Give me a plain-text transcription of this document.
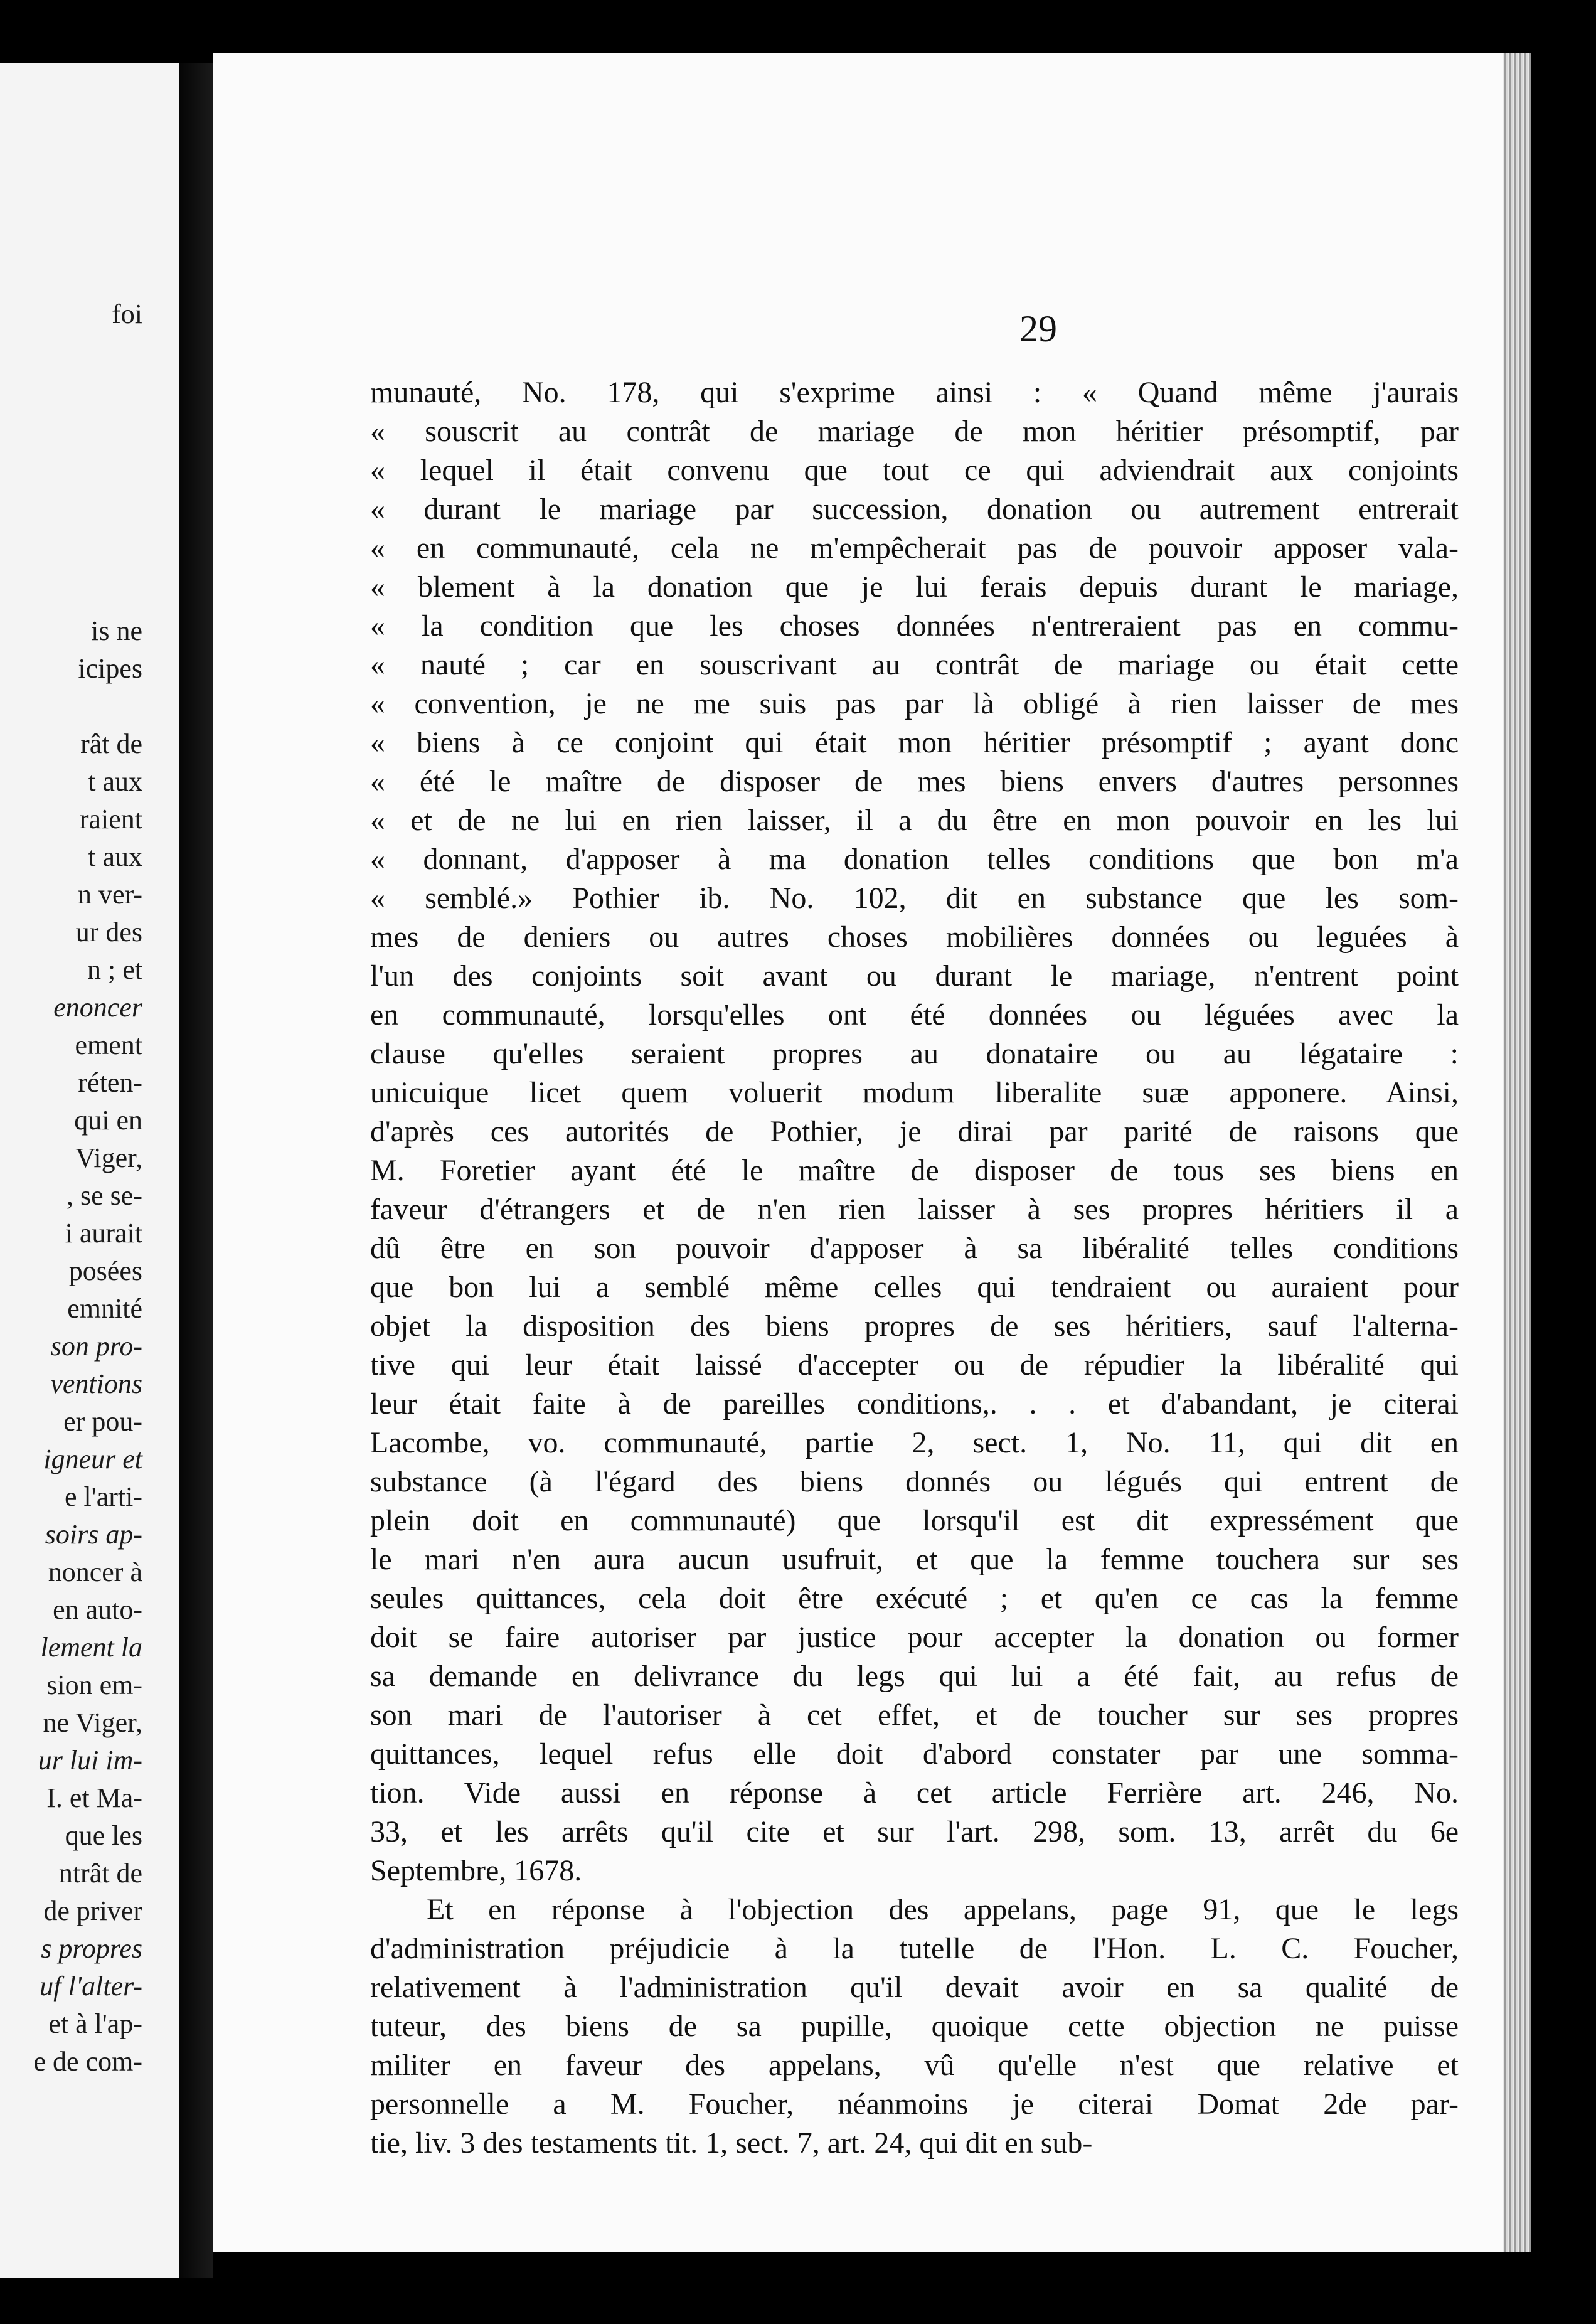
foi
is ne
icipes
rât de
t aux
raient
t aux
n ver-
ur des
n ; et
enoncer
ement
réten-
qui en
Viger,
, se se-
i aurait
posées
emnité
son pro-
ventions
er pou-
igneur et
e l'arti-
soirs ap-
noncer à
en auto-
lement la
sion em-
ne Viger,
ur lui im-
I. et Ma-
que les
ntrât de
de priver
s propres
uf l'alter-
et à l'ap-
e de com-
29
munauté, No. 178, qui s'exprime ainsi : « Quand même j'aurais
« souscrit au contrât de mariage de mon héritier présomptif, par
« lequel il était convenu que tout ce qui adviendrait aux conjoints
« durant le mariage par succession, donation ou autrement entrerait
« en communauté, cela ne m'empêcherait pas de pouvoir apposer vala-
« blement à la donation que je lui ferais depuis durant le mariage,
« la condition que les choses données n'entreraient pas en commu-
« nauté ; car en souscrivant au contrât de mariage ou était cette
« convention, je ne me suis pas par là obligé à rien laisser de mes
« biens à ce conjoint qui était mon héritier présomptif ; ayant donc
« été le maître de disposer de mes biens envers d'autres personnes
« et de ne lui en rien laisser, il a du être en mon pouvoir en les lui
« donnant, d'apposer à ma donation telles conditions que bon m'a
« semblé.» Pothier ib. No. 102, dit en substance que les som-
mes de deniers ou autres choses mobilières données ou leguées à
l'un des conjoints soit avant ou durant le mariage, n'entrent point
en communauté, lorsqu'elles ont été données ou léguées avec la
clause qu'elles seraient propres au donataire ou au légataire :
unicuique licet quem voluerit modum liberalite suæ apponere. Ainsi,
d'après ces autorités de Pothier, je dirai par parité de raisons que
M. Foretier ayant été le maître de disposer de tous ses biens en
faveur d'étrangers et de n'en rien laisser à ses propres héritiers il a
dû être en son pouvoir d'apposer à sa libéralité telles conditions
que bon lui a semblé même celles qui tendraient ou auraient pour
objet la disposition des biens propres de ses héritiers, sauf l'alterna-
tive qui leur était laissé d'accepter ou de répudier la libéralité qui
leur était faite à de pareilles conditions,. . . et d'abandant, je citerai
Lacombe, vo. communauté, partie 2, sect. 1, No. 11, qui dit en
substance (à l'égard des biens donnés ou légués qui entrent de
plein doit en communauté) que lorsqu'il est dit expressément que
le mari n'en aura aucun usufruit, et que la femme touchera sur ses
seules quittances, cela doit être exécuté ; et qu'en ce cas la femme
doit se faire autoriser par justice pour accepter la donation ou former
sa demande en delivrance du legs qui lui a été fait, au refus de
son mari de l'autoriser à cet effet, et de toucher sur ses propres
quittances, lequel refus elle doit d'abord constater par une somma-
tion. Vide aussi en réponse à cet article Ferrière art. 246, No.
33, et les arrêts qu'il cite et sur l'art. 298, som. 13, arrêt du 6e
Septembre, 1678.
Et en réponse à l'objection des appelans, page 91, que le legs
d'administration préjudicie à la tutelle de l'Hon. L. C. Foucher,
relativement à l'administration qu'il devait avoir en sa qualité de
tuteur, des biens de sa pupille, quoique cette objection ne puisse
militer en faveur des appelans, vû qu'elle n'est que relative et
personnelle a M. Foucher, néanmoins je citerai Domat 2de par-
tie, liv. 3 des testaments tit. 1, sect. 7, art. 24, qui dit en sub-
